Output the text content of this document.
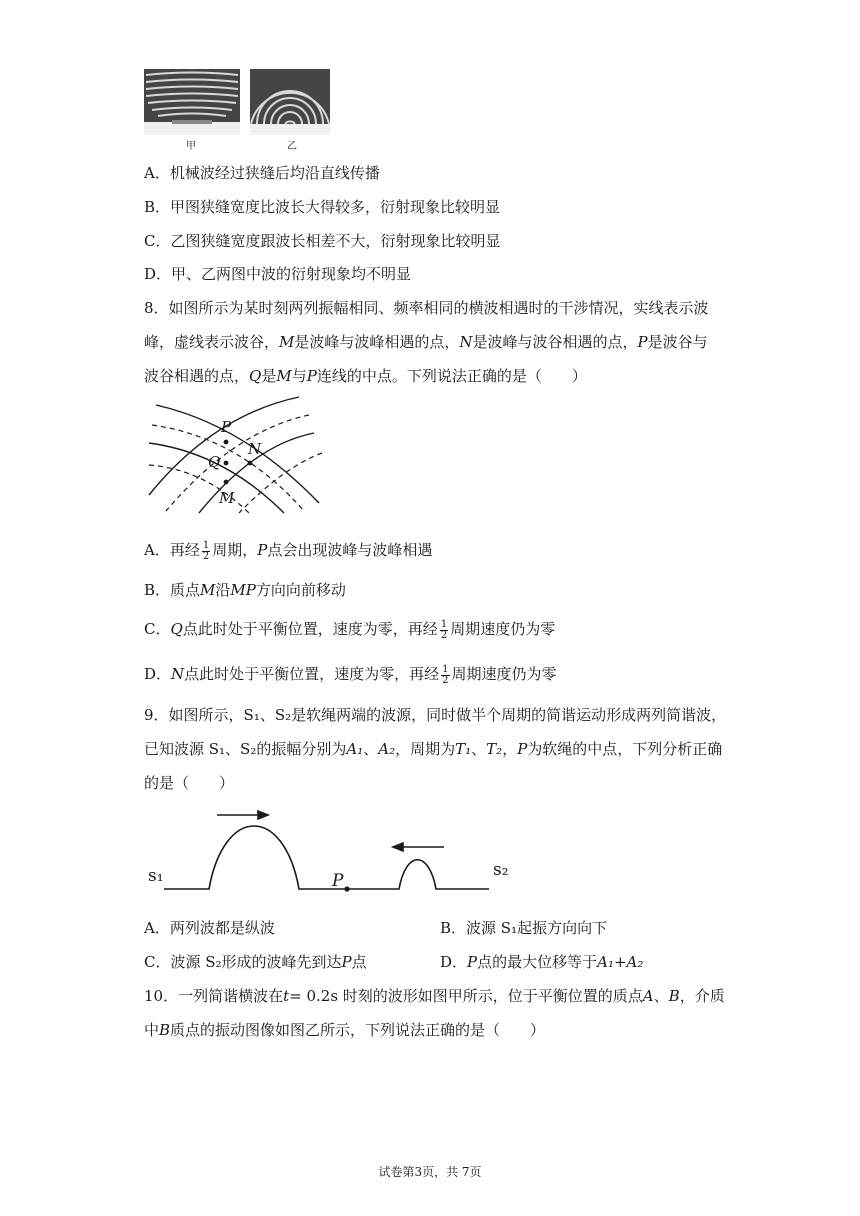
甲	乙
A．机械波经过狭缝后均沿直线传播
B．甲图狭缝宽度比波长大得较多，衍射现象比较明显
C．乙图狭缝宽度跟波长相差不大，衍射现象比较明显
D．甲、乙两图中波的衍射现象均不明显
8．如图所示为某时刻两列振幅相同、频率相同的横波相遇时的干涉情况，实线表示波
峰，虚线表示波谷，M是波峰与波峰相遇的点，N是波峰与波谷相遇的点，P是波谷与
波谷相遇的点，Q是M与P连线的中点。下列说法正确的是（　　）
P
Q
N
M
A．再经 $\frac{1}{2}$ 周期，P点会出现波峰与波峰相遇
B．质点M沿MP方向向前移动
C．Q点此时处于平衡位置，速度为零，再经 $\frac{1}{2}$ 周期速度仍为零
D．N点此时处于平衡位置，速度为零，再经 $\frac{1}{2}$ 周期速度仍为零
9．如图所示，S₁、S₂是软绳两端的波源，同时做半个周期的简谐运动形成两列简谐波，
已知波源 S₁、S₂的振幅分别为A₁、A₂，周期为T₁、T₂，P为软绳的中点，下列分析正确
的是（　　）
s₁	s₂
P
A．两列波都是纵波	B．波源 S₁起振方向向下
C．波源 S₂形成的波峰先到达P点	D．P点的最大位移等于A₁+A₂
10．一列简谐横波在t= 0.2s 时刻的波形如图甲所示，位于平衡位置的质点A、B，介质
中B质点的振动图像如图乙所示，下列说法正确的是（　　）
试卷第3页，共 7页
